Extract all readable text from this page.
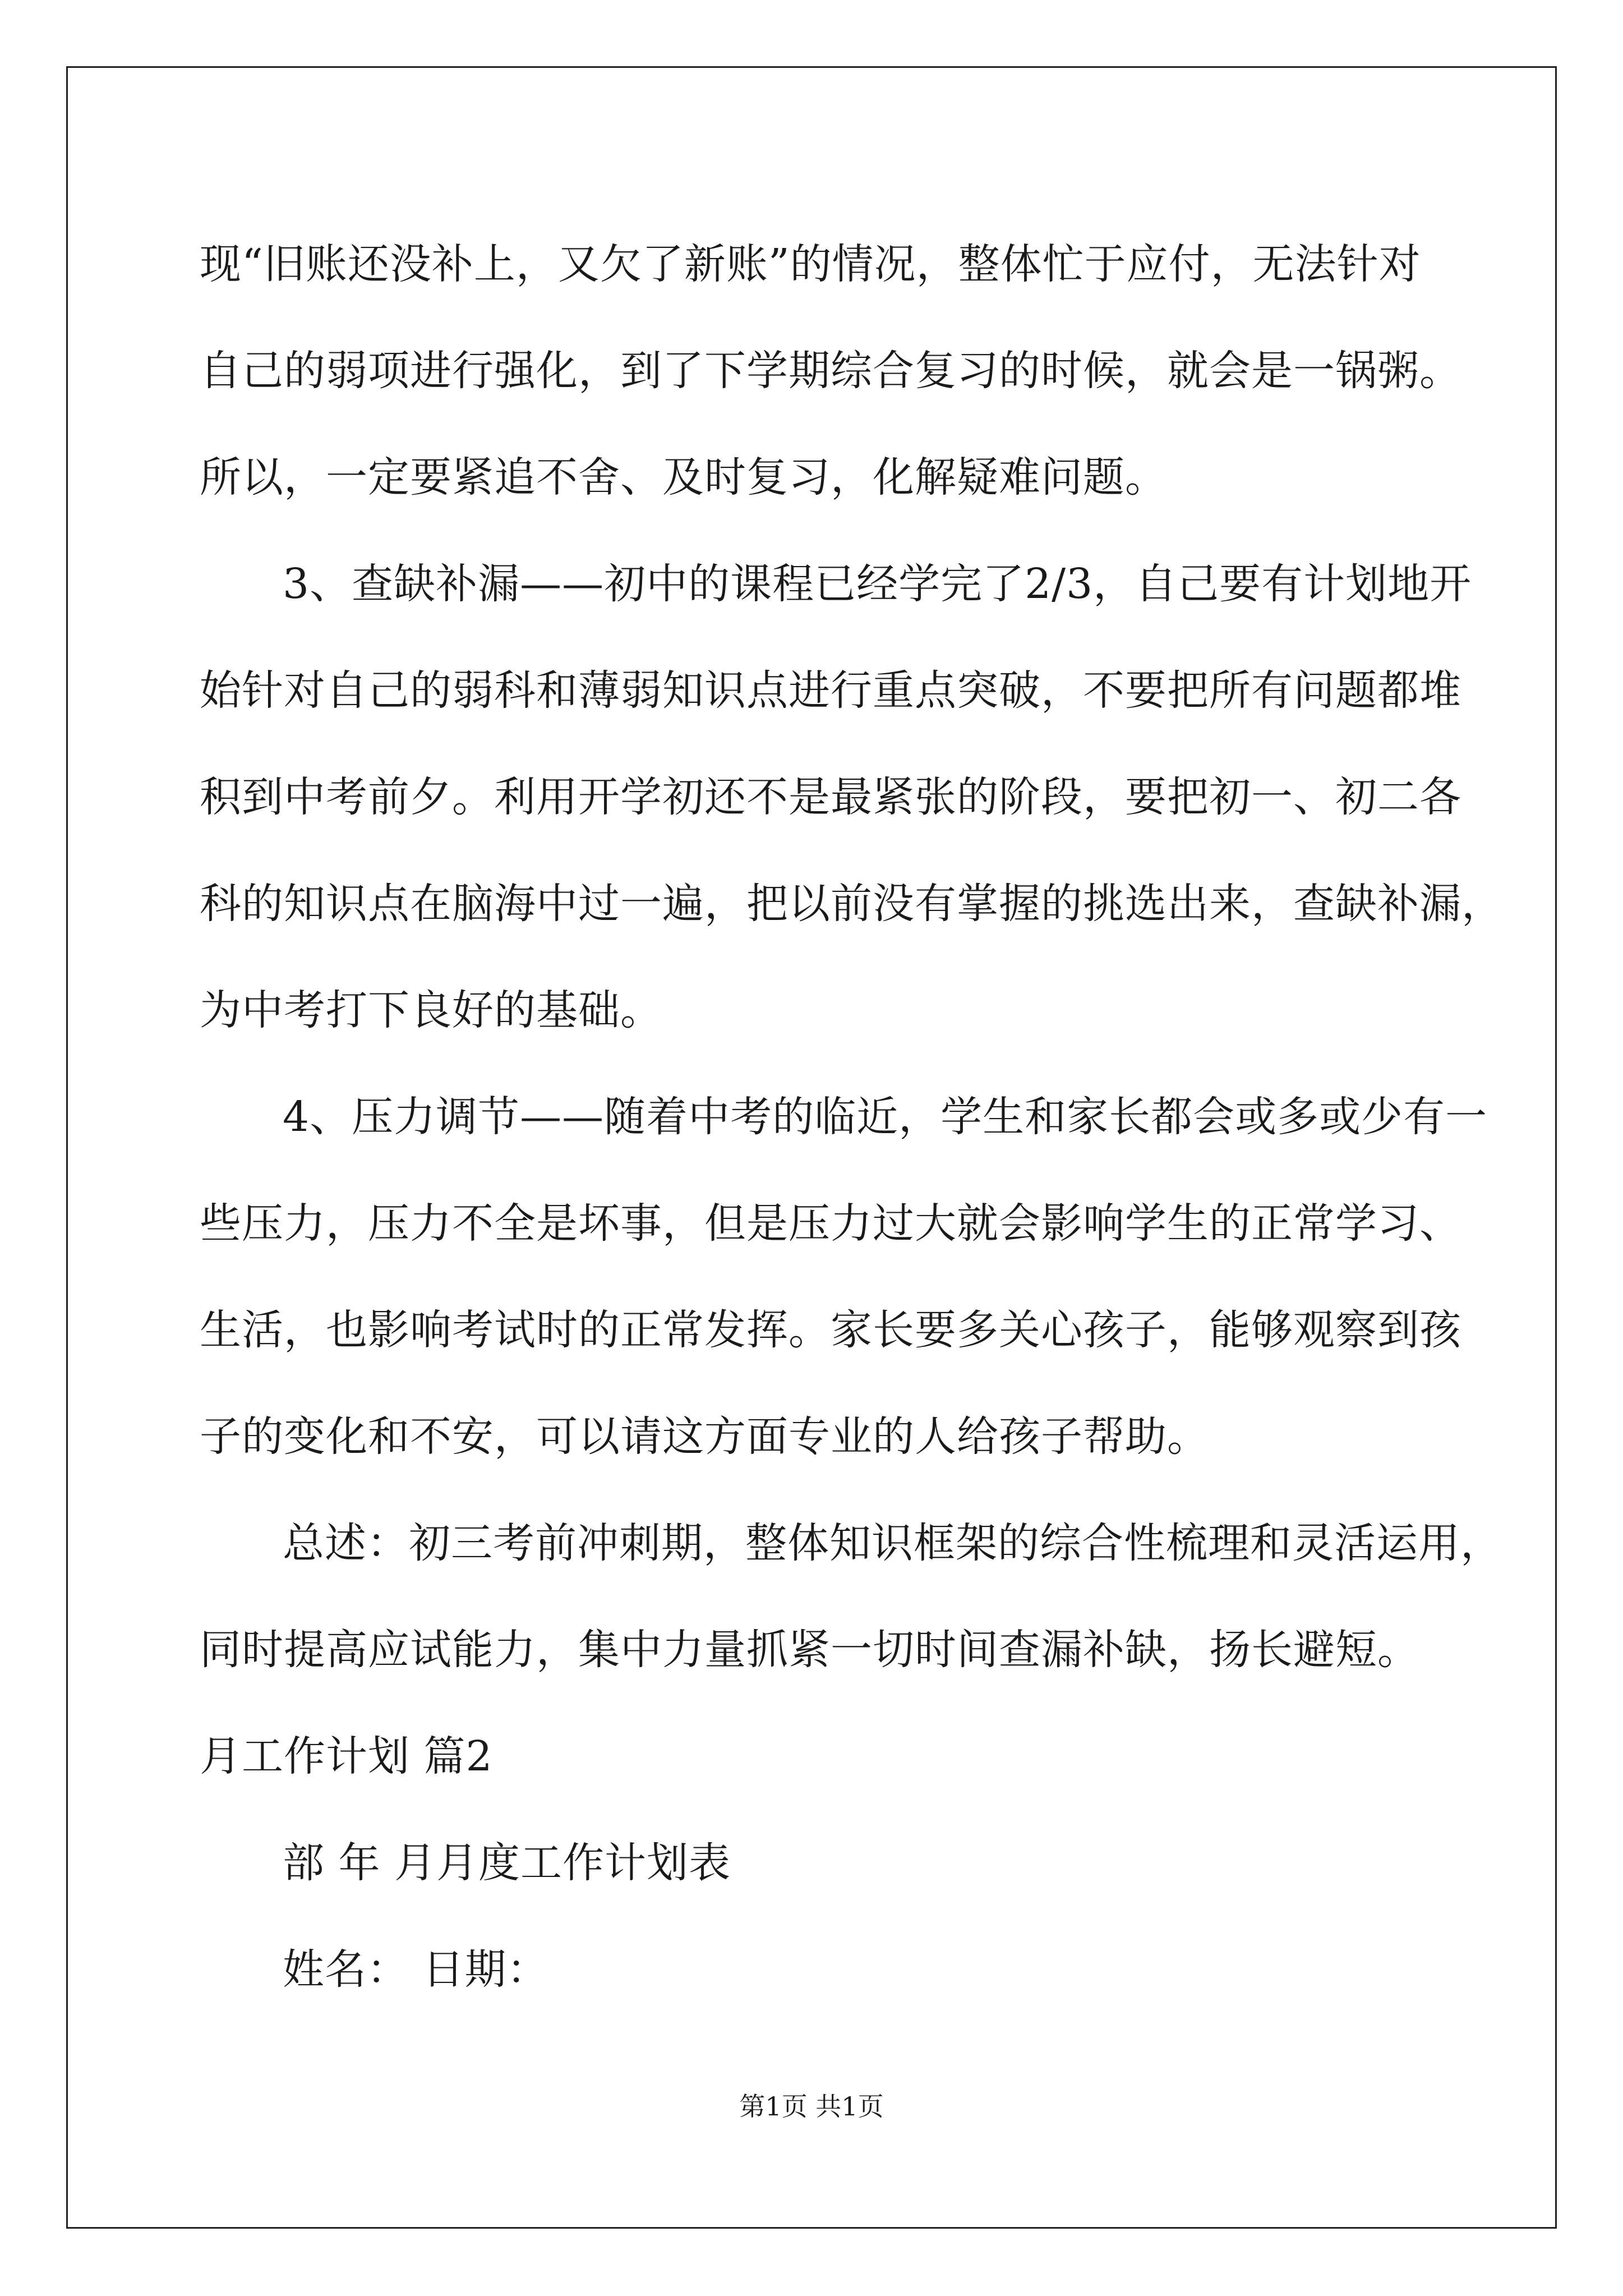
现“旧账还没补上，又欠了新账”的情况，整体忙于应付，无法针对
自己的弱项进行强化，到了下学期综合复习的时候，就会是一锅粥。
所以，一定要紧追不舍、及时复习，化解疑难问题。
3、查缺补漏——初中的课程已经学完了2/3，自己要有计划地开
始针对自己的弱科和薄弱知识点进行重点突破，不要把所有问题都堆
积到中考前夕。利用开学初还不是最紧张的阶段，要把初一、初二各
科的知识点在脑海中过一遍，把以前没有掌握的挑选出来，查缺补漏，
为中考打下良好的基础。
4、压力调节——随着中考的临近，学生和家长都会或多或少有一
些压力，压力不全是坏事，但是压力过大就会影响学生的正常学习、
生活，也影响考试时的正常发挥。家长要多关心孩子，能够观察到孩
子的变化和不安，可以请这方面专业的人给孩子帮助。
总述：初三考前冲刺期，整体知识框架的综合性梳理和灵活运用，
同时提高应试能力，集中力量抓紧一切时间查漏补缺，扬长避短。
月工作计划 篇2
部 年 月月度工作计划表
姓名： 日期：
第1页 共1页
